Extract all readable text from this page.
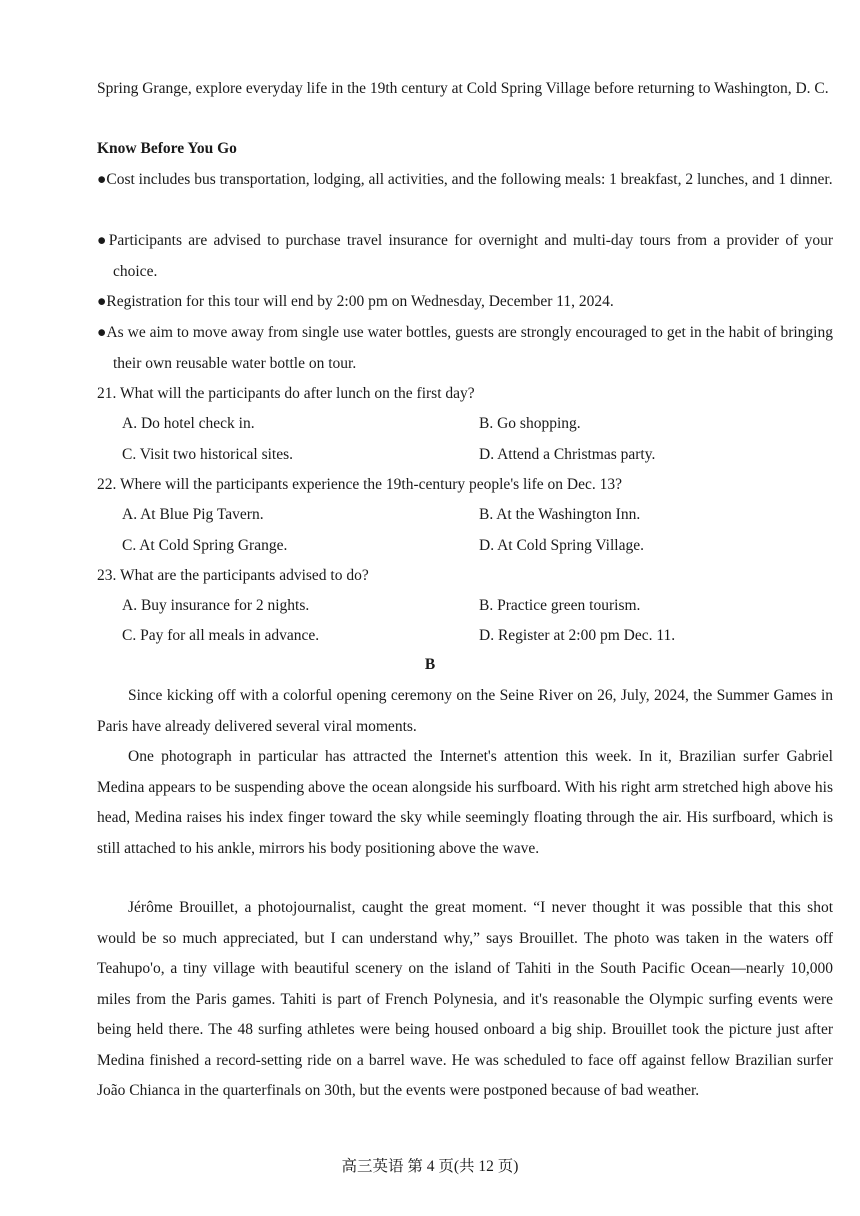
Spring Grange, explore everyday life in the 19th century at Cold Spring Village before returning to Washington, D. C.
Know Before You Go
●Cost includes bus transportation, lodging, all activities, and the following meals: 1 breakfast, 2 lunches, and 1 dinner.
●Participants are advised to purchase travel insurance for overnight and multi-day tours from a provider of your choice.
●Registration for this tour will end by 2:00 pm on Wednesday, December 11, 2024.
●As we aim to move away from single use water bottles, guests are strongly encouraged to get in the habit of bringing their own reusable water bottle on tour.
21. What will the participants do after lunch on the first day?
A. Do hotel check in.	B. Go shopping.
C. Visit two historical sites.	D. Attend a Christmas party.
22. Where will the participants experience the 19th-century people's life on Dec. 13?
A. At Blue Pig Tavern.	B. At the Washington Inn.
C. At Cold Spring Grange.	D. At Cold Spring Village.
23. What are the participants advised to do?
A. Buy insurance for 2 nights.	B. Practice green tourism.
C. Pay for all meals in advance.	D. Register at 2:00 pm Dec. 11.
B
Since kicking off with a colorful opening ceremony on the Seine River on 26, July, 2024, the Summer Games in Paris have already delivered several viral moments.
One photograph in particular has attracted the Internet's attention this week. In it, Brazilian surfer Gabriel Medina appears to be suspending above the ocean alongside his surfboard. With his right arm stretched high above his head, Medina raises his index finger toward the sky while seemingly floating through the air. His surfboard, which is still attached to his ankle, mirrors his body positioning above the wave.
Jérôme Brouillet, a photojournalist, caught the great moment. “I never thought it was possible that this shot would be so much appreciated, but I can understand why,” says Brouillet. The photo was taken in the waters off Teahupo'o, a tiny village with beautiful scenery on the island of Tahiti in the South Pacific Ocean—nearly 10,000 miles from the Paris games. Tahiti is part of French Polynesia, and it's reasonable the Olympic surfing events were being held there. The 48 surfing athletes were being housed onboard a big ship. Brouillet took the picture just after Medina finished a record-setting ride on a barrel wave. He was scheduled to face off against fellow Brazilian surfer João Chianca in the quarterfinals on 30th, but the events were postponed because of bad weather.
高三英语 第 4 页(共 12 页)
